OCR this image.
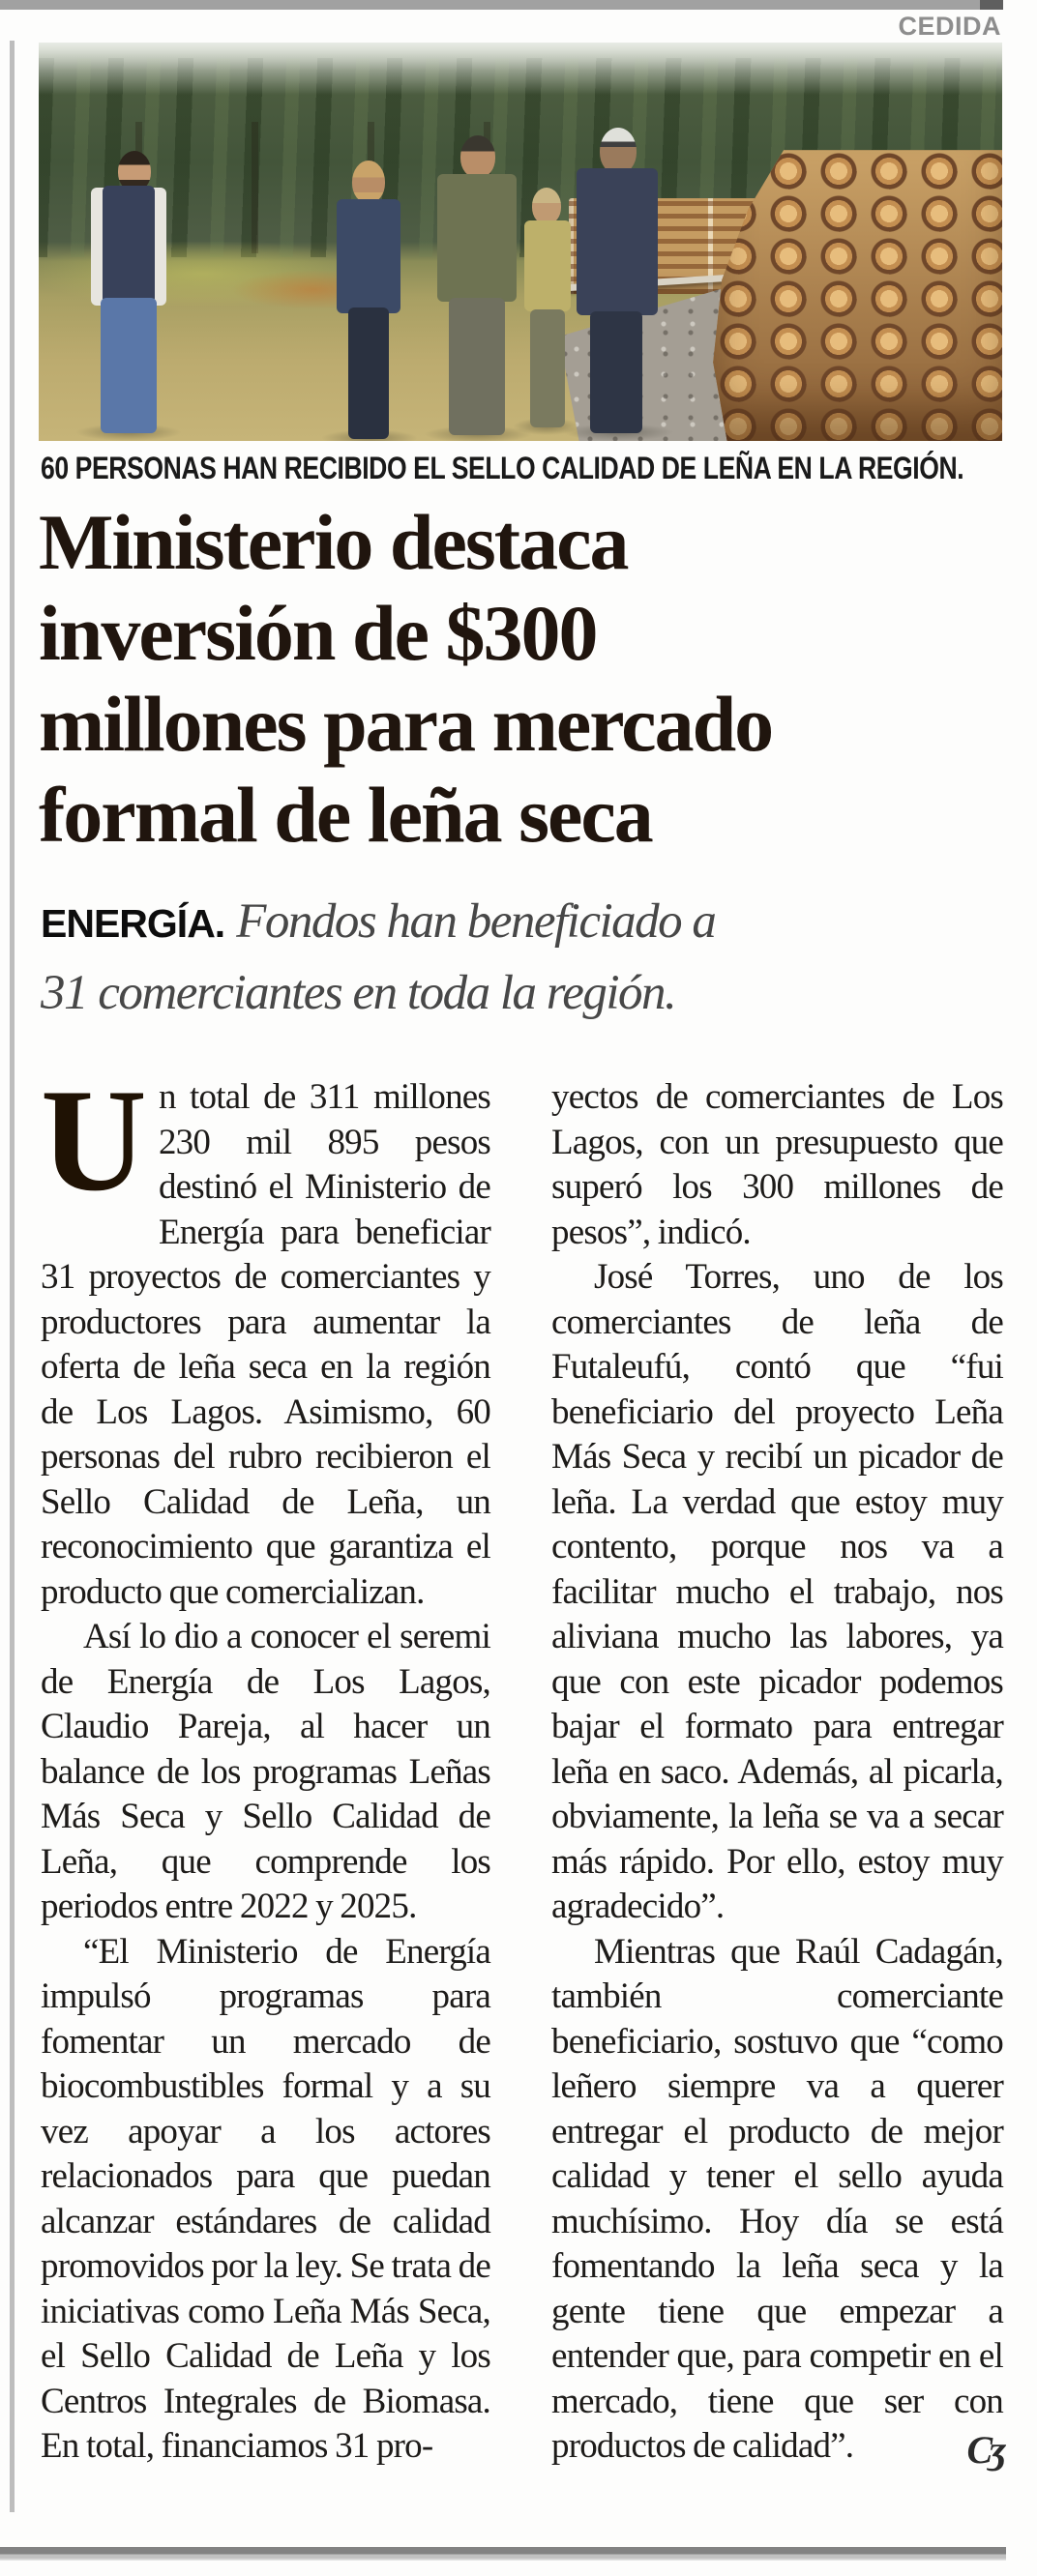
CEDIDA
60 PERSONAS HAN RECIBIDO EL SELLO CALIDAD DE LEÑA EN LA REGIÓN.
Ministerio destaca
inversión de $300
millones para mercado
formal de leña seca
ENERGÍA. Fondos han beneficiado a
31 comerciantes en toda la región.

Un total de 311 millones 230 mil 895 pesos destinó el Ministerio de Energía para beneficiar 31 proyectos de comerciantes y productores para aumentar la oferta de leña seca en la región de Los Lagos. Asimismo, 60 personas del rubro recibieron el Sello Calidad de Leña, un reconocimiento que garantiza el producto que comercializan.

Así lo dio a conocer el seremi de Energía de Los Lagos, Claudio Pareja, al hacer un balance de los programas Leñas Más Seca y Sello Calidad de Leña, que comprende los periodos entre 2022 y 2025.

“El Ministerio de Energía impulsó programas para fomentar un mercado de biocombustibles formal y a su vez apoyar a los actores relacionados para que puedan alcanzar estándares de calidad promovidos por la ley. Se trata de iniciativas como Leña Más Seca, el Sello Calidad de Leña y los Centros Integrales de Biomasa. En total, financiamos 31 pro-

yectos de comerciantes de Los Lagos, con un presupuesto que superó los 300 millones de pesos”, indicó.

José Torres, uno de los comerciantes de leña de Futaleufú, contó que “fui beneficiario del proyecto Leña Más Seca y recibí un picador de leña. La verdad que estoy muy contento, porque nos va a facilitar mucho el trabajo, nos aliviana mucho las labores, ya que con este picador podemos bajar el formato para entregar leña en saco. Además, al picarla, obviamente, la leña se va a secar más rápido. Por ello, estoy muy agradecido”.

Mientras que Raúl Cadagán, también comerciante beneficiario, sostuvo que “como leñero siempre va a querer entregar el producto de mejor calidad y tener el sello ayuda muchísimo. Hoy día se está fomentando la leña seca y la gente tiene que empezar a entender que, para competir en el mercado, tiene que ser con productos de calidad”.	Cʒ
